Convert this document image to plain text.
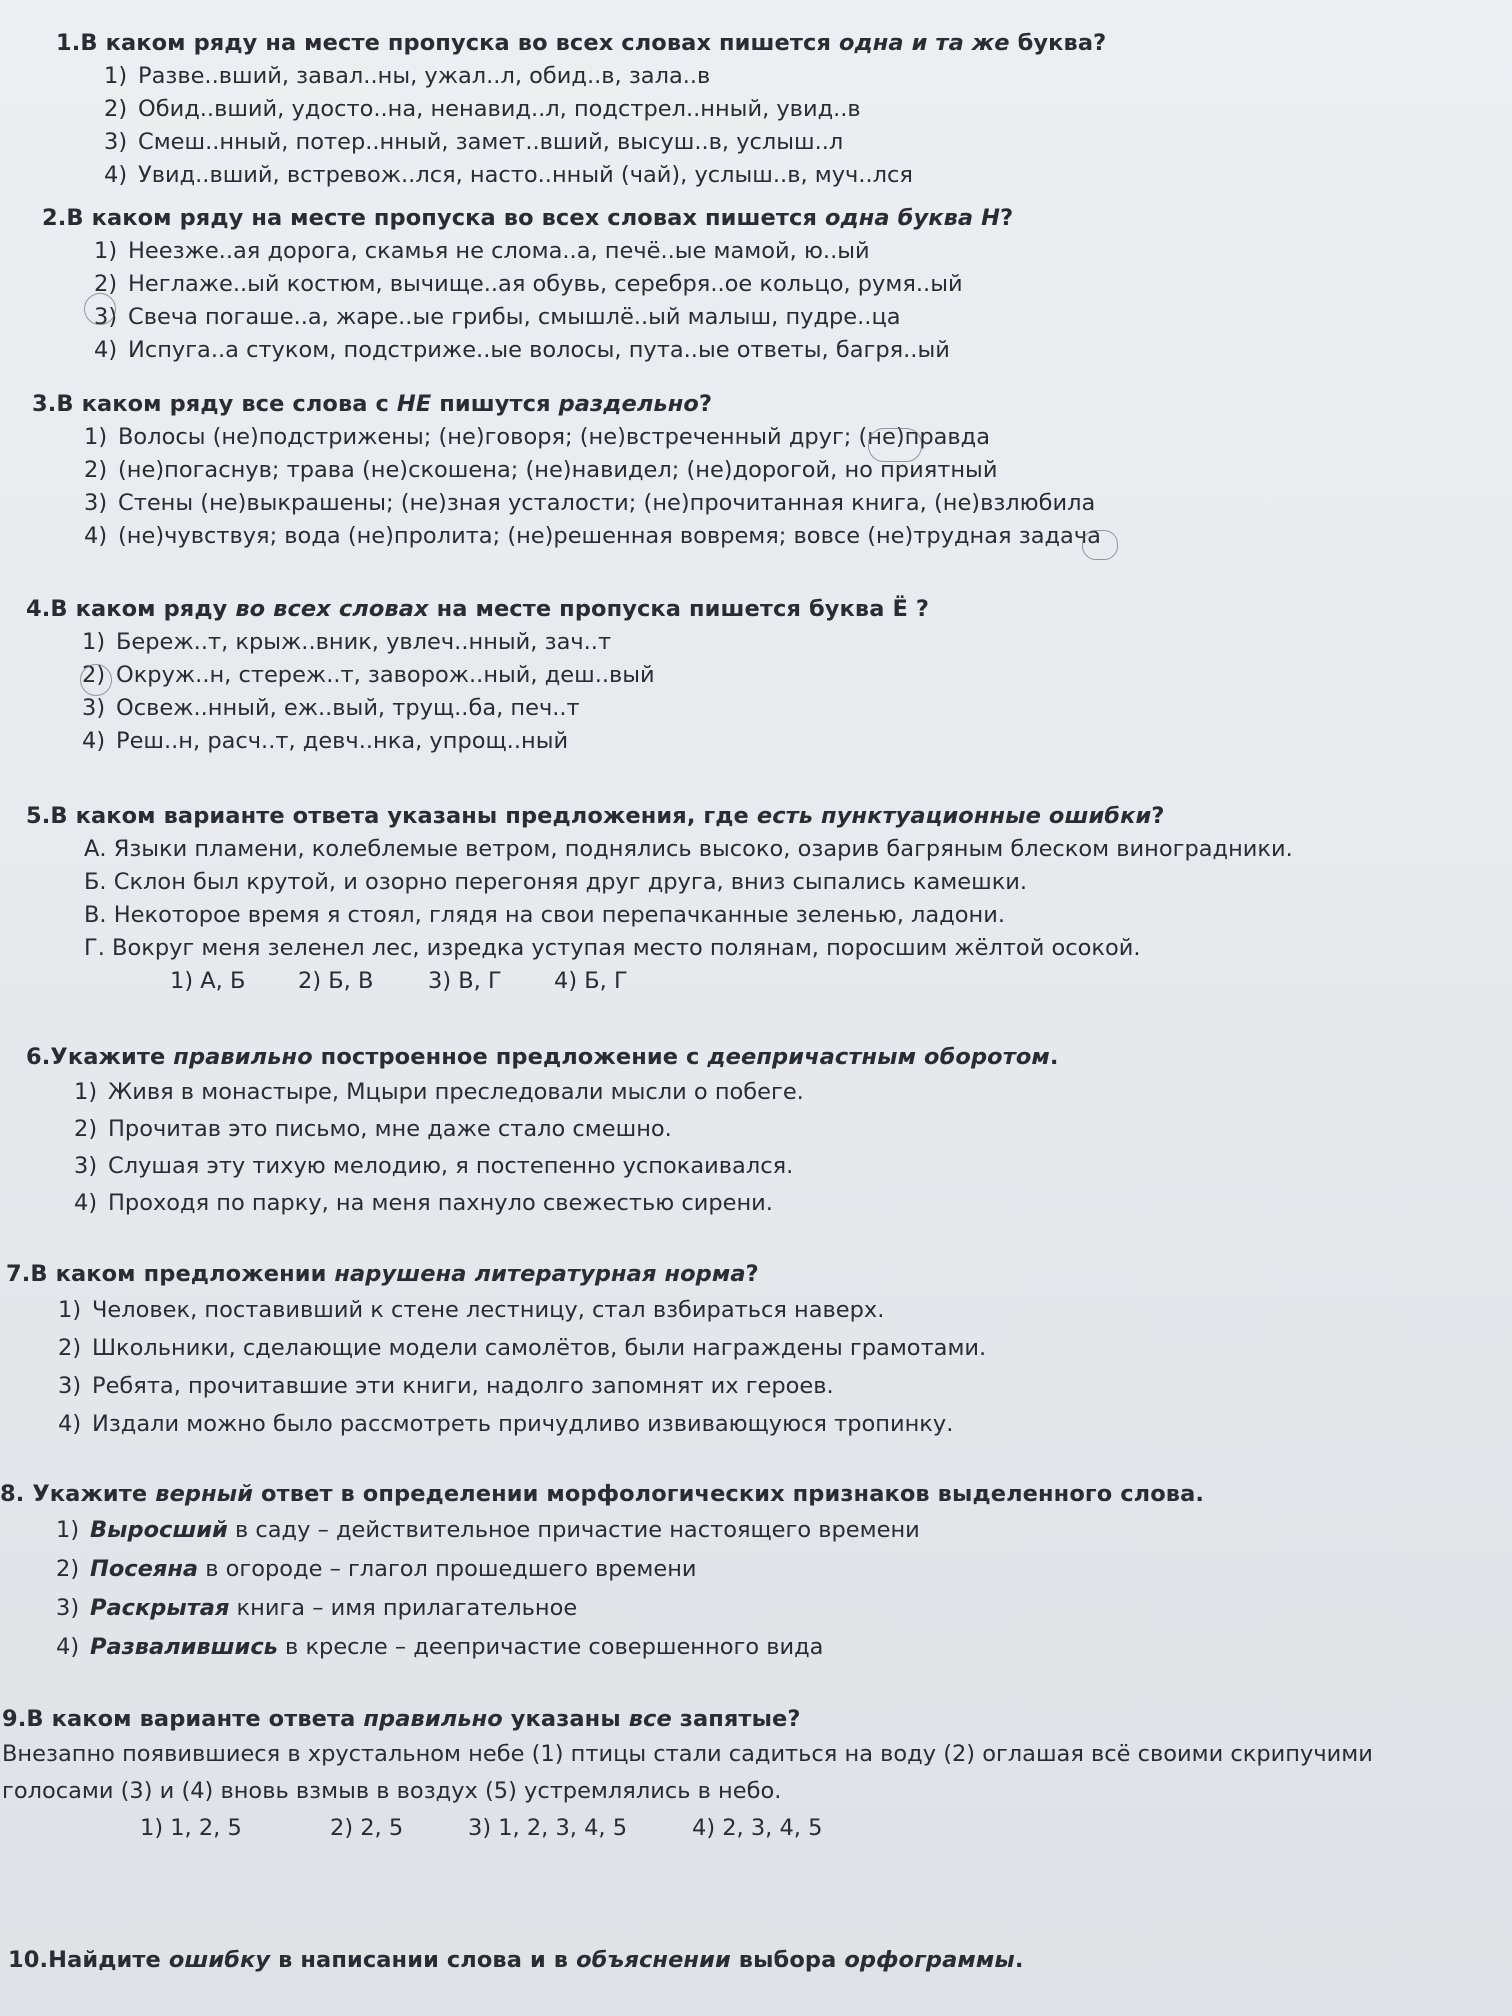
1.В каком ряду на месте пропуска во всех словах пишется одна и та же буква?
1) Разве..вший, завал..ны, ужал..л, обид..в, зала..в
2) Обид..вший, удосто..на, ненавид..л, подстрел..нный, увид..в
3) Смеш..нный, потер..нный, замет..вший, высуш..в, услыш..л
4) Увид..вший, встревож..лся, насто..нный (чай), услыш..в, муч..лся
2.В каком ряду на месте пропуска во всех словах пишется одна буква Н?
1) Неезже..ая дорога, скамья не слома..а, печё..ые мамой, ю..ый
2) Неглаже..ый костюм, вычище..ая обувь, серебря..ое кольцо, румя..ый
3) Свеча погаше..а, жаре..ые грибы, смышлё..ый малыш, пудре..ца
4) Испуга..а стуком, подстриже..ые волосы, пута..ые ответы, багря..ый
3.В каком ряду все слова с НЕ пишутся раздельно?
1) Волосы (не)подстрижены; (не)говоря; (не)встреченный друг; (не)правда
2) (не)погаснув; трава (не)скошена; (не)навидел; (не)дорогой, но приятный
3) Стены (не)выкрашены; (не)зная усталости; (не)прочитанная книга, (не)взлюбила
4) (не)чувствуя; вода (не)пролита; (не)решенная вовремя; вовсе (не)трудная задача
4.В каком ряду во всех словах на месте пропуска пишется буква Ё ?
1) Береж..т, крыж..вник, увлеч..нный, зач..т
2) Окруж..н, стереж..т, заворож..ный, деш..вый
3) Освеж..нный, еж..вый, трущ..ба, печ..т
4) Реш..н, расч..т, девч..нка, упрощ..ный
5.В каком варианте ответа указаны предложения, где есть пунктуационные ошибки?
А. Языки пламени, колеблемые ветром, поднялись высоко, озарив багряным блеском виноградники.
Б. Склон был крутой, и озорно перегоняя друг друга, вниз сыпались камешки.
В. Некоторое время я стоял, глядя на свои перепачканные зеленью, ладони.
Г. Вокруг меня зеленел лес, изредка уступая место полянам, поросшим жёлтой осокой.
1) А, Б 2) Б, В 3) В, Г 4) Б, Г
6.Укажите правильно построенное предложение с деепричастным оборотом.
1) Живя в монастыре, Мцыри преследовали мысли о побеге.
2) Прочитав это письмо, мне даже стало смешно.
3) Слушая эту тихую мелодию, я постепенно успокаивался.
4) Проходя по парку, на меня пахнуло свежестью сирени.
7.В каком предложении нарушена литературная норма?
1) Человек, поставивший к стене лестницу, стал взбираться наверх.
2) Школьники, сделающие модели самолётов, были награждены грамотами.
3) Ребята, прочитавшие эти книги, надолго запомнят их героев.
4) Издали можно было рассмотреть причудливо извивающуюся тропинку.
8. Укажите верный ответ в определении морфологических признаков выделенного слова.
1) Выросший в саду – действительное причастие настоящего времени
2) Посеяна в огороде – глагол прошедшего времени
3) Раскрытая книга – имя прилагательное
4) Развалившись в кресле – деепричастие совершенного вида
9.В каком варианте ответа правильно указаны все запятые?
Внезапно появившиеся в хрустальном небе (1) птицы стали садиться на воду (2) оглашая всё своими скрипучими
голосами (3) и (4) вновь взмыв в воздух (5) устремлялись в небо.
1) 1, 2, 5	2) 2, 5	3) 1, 2, 3, 4, 5	4) 2, 3, 4, 5
10.Найдите ошибку в написании слова и в объяснении выбора орфограммы.
